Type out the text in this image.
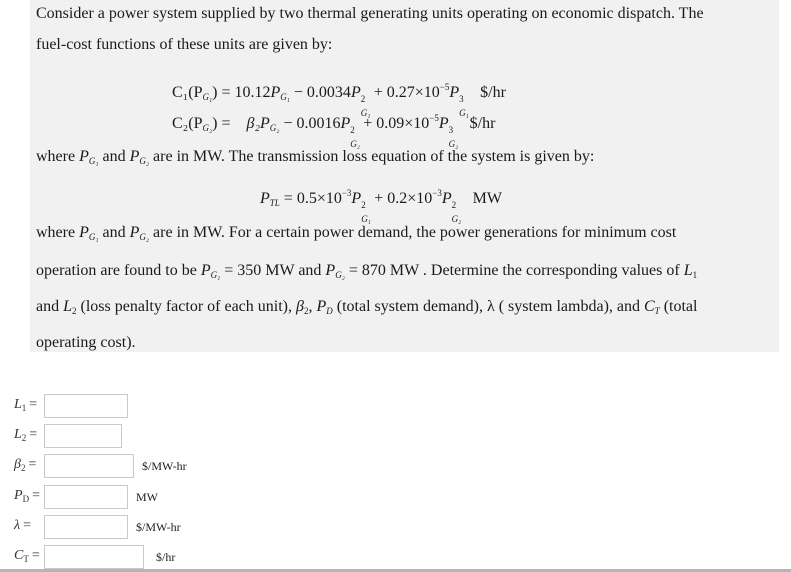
Consider a power system supplied by two thermal generating units operating on economic dispatch. The
fuel-cost functions of these units are given by:
$C_1(P_{G_1}) = 10.12P_{G_1} - 0.0034P$ 2
G₁
+ $0.27\times 10^{-5}P$ 3
G₁
$/hr
$C_2(P_{G_2}) = \beta_2P_{G_2} - 0.0016P$ 2
G₂
+ $0.09\times 10^{-5}P$ 3
G₂
$/hr
where $P_{G_1}$ and $P_{G_2}$ are in MW. The transmission loss equation of the system is given by:
$P_{TL} = 0.5\times 10^{-3}P$ 2
G₁
+ $0.2\times 10^{-3}P$ 2
G₂
MW
where $P_{G_1}$ and $P_{G_2}$ are in MW. For a certain power demand, the power generations for minimum cost
operation are found to be $P_{G_1} = 350$ MW and $P_{G_2} = 870$ MW . Determine the corresponding values of $L_1$
and $L_2$ (loss penalty factor of each unit), $\beta_2$, $P_D$ (total system demand), λ ( system lambda), and $C_T$ (total
operating cost).
$L_1$ =
$L_2$ =
$\beta_2$ =	$/MW-hr
$P_D$ =	MW
λ =	$/MW-hr
$C_T$ =	$/hr
